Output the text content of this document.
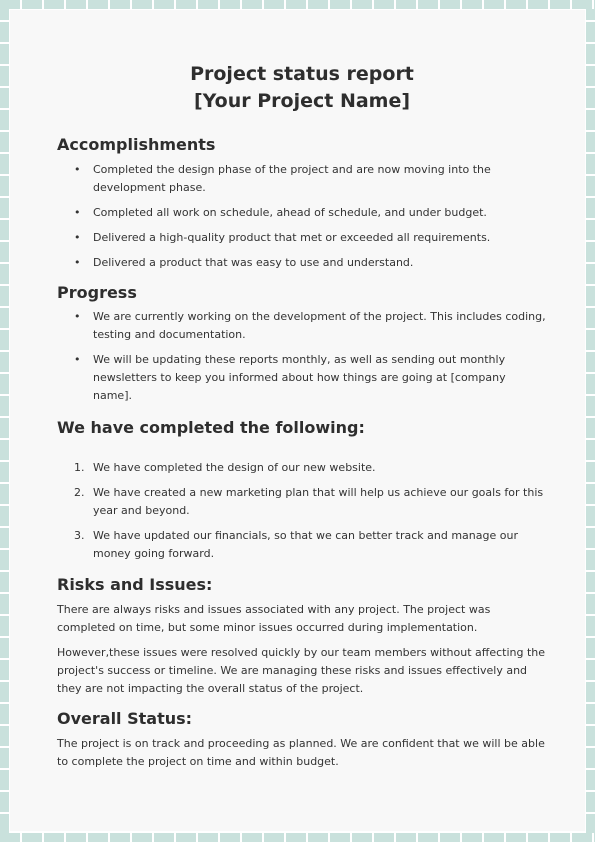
Project status report

[Your Project Name]

Accomplishments
• Completed the design phase of the project and are now moving into the development phase.
• Completed all work on schedule, ahead of schedule, and under budget.
• Delivered a high-quality product that met or exceeded all requirements.
• Delivered a product that was easy to use and understand.
Progress
• We are currently working on the development of the project. This includes coding, testing and documentation.
• We will be updating these reports monthly, as well as sending out monthly newsletters to keep you informed about how things are going at [company name].
We have completed the following:
1. We have completed the design of our new website.
2. We have created a new marketing plan that will help us achieve our goals for this year and beyond.
3. We have updated our financials, so that we can better track and manage our money going forward.
Risks and Issues:

There are always risks and issues associated with any project. The project was completed on time, but some minor issues occurred during implementation.

However,these issues were resolved quickly by our team members without affecting the project's success or timeline. We are managing these risks and issues effectively and they are not impacting the overall status of the project.

Overall Status:

The project is on track and proceeding as planned. We are confident that we will be able to complete the project on time and within budget.
